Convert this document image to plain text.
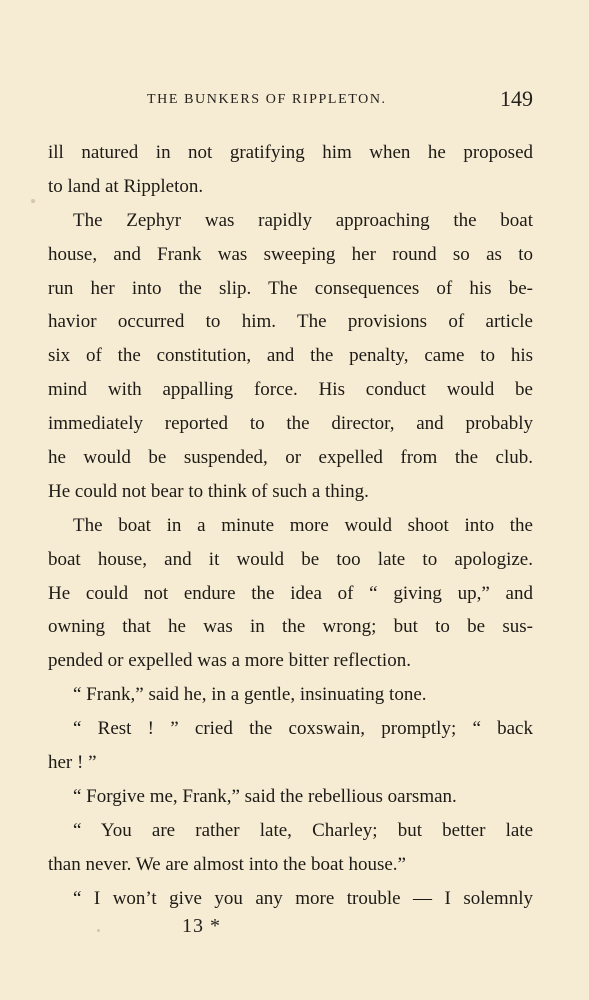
THE BUNKERS OF RIPPLETON.	149
ill natured in not gratifying him when he proposed
to land at Rippleton.
The Zephyr was rapidly approaching the boat
house, and Frank was sweeping her round so as to
run her into the slip. The consequences of his be-
havior occurred to him. The provisions of article
six of the constitution, and the penalty, came to his
mind with appalling force. His conduct would be
immediately reported to the director, and probably
he would be suspended, or expelled from the club.
He could not bear to think of such a thing.
The boat in a minute more would shoot into the
boat house, and it would be too late to apologize.
He could not endure the idea of “ giving up,” and
owning that he was in the wrong; but to be sus-
pended or expelled was a more bitter reflection.
“ Frank,” said he, in a gentle, insinuating tone.
“ Rest ! ” cried the coxswain, promptly; “ back
her ! ”
“ Forgive me, Frank,” said the rebellious oarsman.
“ You are rather late, Charley; but better late
than never. We are almost into the boat house.”
“ I won’t give you any more trouble — I solemnly
13 *
